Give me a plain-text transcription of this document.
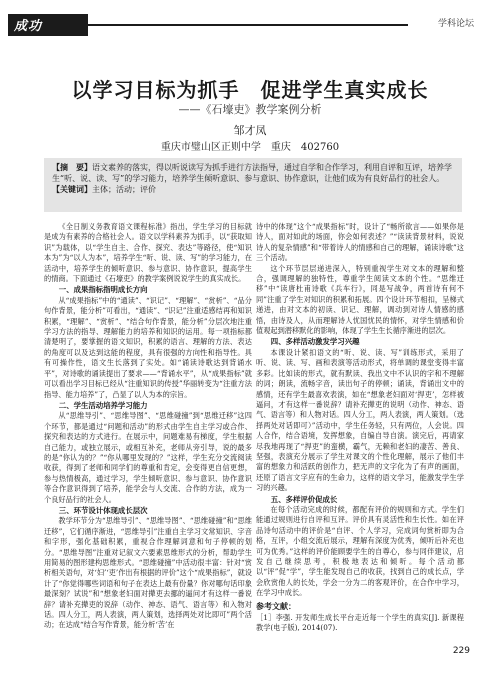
成功	学科论坛
以学习目标为抓手　促进学生真实成长
——《石壕吏》教学案例分析
邹才凤
重庆市璧山区正则中学　重庆　402760
【摘　要】语文素养的落实，得以听说读写为抓手进行方法指导，通过自学和合作学习，利用自评和互评，培养学生“听、说、读、写”的学习能力，培养学生倾听意识、参与意识、协作意识，让他们成为有良好品行的社会人。
【关键词】主体；活动；评价

《全日制义务教育语文课程标准》指出，学生学习的目标就是成为有素养的合格社会人。语文以学科素养为抓手，以“获取知识”为载体，以“学生自主、合作、探究、表达”等路径，使“知识本为”为“以人为本”，培养学生“听、说、读、写”的学习能力，在活动中，培养学生的倾听意识、参与意识、协作意识，提高学生的情商。下面通过《石壕吏》的教学案例说说学生的真实成长。

一、成果指标指明成长方向

从“成果指标”中的“通读”、“识记”、“理解”、“赏析”、“品分句作背景，能分析”可看出，“通读”、“识记”注重适感结再和知识积累，“理解”、“赏析”、“结合句作背景，能分析”分层次地注重学习方法的指导、理解能力的培养和知识的运用。每一项指标都清楚明了，要掌握的语文知识，积累的语言、理解的方法、表达的角度可以及达到这能的程度，具有很强的方向性和指导性。具有可操作性，语文生长落到了实处。如“诵读诗歌达到背诵水平”，对诗歌的诵读提出了要求——“背诵水平”，从“成果指标”就可以看出学习目标已经从“注重知识的传授”华丽转变为“注重方法指导、能力培养”了，凸显了以人为本的宗旨。

二、学生活动培养学习能力

从“思维导引”、“思维导图”、“思维碰撞”到“思维迁移”这四个环节，都是通过“问题和活动”的形式由学生自主学习或合作、探究和表达的方式进行。在展示中，问题难易有梯度，学生根据自己能力，或独立展示，或相互补充，老师从旁引导，说的最多的是“你认为的？”“你从哪里发现的？”这样，学生充分交流阅读收获，得到了老师和同学们的尊重和肯定，会变得更自信更想，参与热情极高，通过学习，学生倾听意识、参与意识、协作意识等合作意识得到了培养，能学会与人交流、合作的方法，成为一个良好品行的社会人。

三、环节设计体现成长层次

教学环节分为“思维导引”、“思维导图”、“思维碰撞”和“思维迁移”，它们循序渐进，“思维导引”注重自主学习文常知识、字音和字形，强化基础积累，重视合作理解词意和句子停顿的划分。“思维导图”注重对记叙文六要素思维形式的分析，帮助学生用简易的图形建构思维形式。“思维碰撞”中活动很丰富：针对“赏析相关语句，对‘妇’‘吏’作出有根据的评价”这个“成果指标”，就设计了“你觉得哪些词语和句子在表达上最有份量？你对哪句话印象最深刻？试说”和“想象老妇面对撵吏去挪的逼问才有这样一番说辞？请补充撵吏的说辞（动作、神态、语气、语言等）和入物对话。四人分工，两人表演，两人策划，选择两处对比即可”两个活动；在达成“结合写作背景，能分析‘苦’在

诗中的体现”这个“成果指标”时，设计了“畅所欲言——如果你是诗人，面对如此的场面，你会如何表述？”“读读背景材料，说说诗人的复杂情感”和“带着诗人的情感和自己的理解，诵读诗歌”这三个活动。

这个环节层层递进深入，特别重视学生对文本的理解和整合，强调理解的独特性，尊重学生阅读文本的个性。“思维迁移”中“读唐杜甫诗歌《兵车行》，同是写战争，两首诗有何不同”注重了学生对知识的积累和拓展。四个设计环节相扣，呈梯式递进，由对文本的初读、识记、理解，调动到对诗人情感的感悟，由诗及人，从而理解诗人忧国忧民的情怀，对学生情感和价值观起到潜移默化的影响，体现了学生生长循序渐进的层次。

四、多样活动激发学习兴趣

本课设计紧扣语文的“听、说、读、写”训练形式，采用了听、说、读、写、画和表演等活动形式，将单调的课堂变得丰富多彩。比如读的形式，就有默读、我出文中不认识的字和不理解的词；朗读，流畅字音，读出句子的停顿；诵读，背诵出文中的感情，还有学生最喜欢表演，如在“想象老妇面对‘捍吏’，怎样被逼问，才有这样一番说辞？请补充撵吏的说明（动作、神态、语气、语言等）和人物对话。四人分工，两人表演，两人策划。（选择两处对话即可）”活动中，学生任务轻，只有两位，人会说。四人合作，结合语境，发挥想象，自编自导自演。演完后，再请家尽我地再现了“捍吏”的蛮横，霸气，无赖和老妇的凄苦、善良、坚强，表演充分展示了学生对课文的个性化理解，展示了他们丰富的想象力和活跃的创作力，把无声的文字化为了有声的画面，还原了语言文字应有的生命力，这样的语文学习，能激发学生学习的兴趣。

五、多样评价促成长

在每个活动完成的时候，都配有评价的规则和方式。学生们能通过规则进行自评和互评。评价具有灵活性和生长性。如在评品诗句活动中的评价是“自评、个人学习，完成词句赏析即为合格，互评，小组交流后展示，理解有深度为优秀，倾听后补充也可为优秀。”这样的评价能顾要学生的自尊心，参与同伴建议，启发自己继续思考，积极地表达和倾听。每个活动都以“评”促“学”，学生能发现自己的收获，找到自己的成长点，学会欣赏他人的长处，学会一分为二的客观评价，在合作中学习，在学习中成长。

参考文献：

［1］李强. 开发师生成长平台走近每一个学生的真实[J]. 新课程教学(电子版), 2014(07).

229
